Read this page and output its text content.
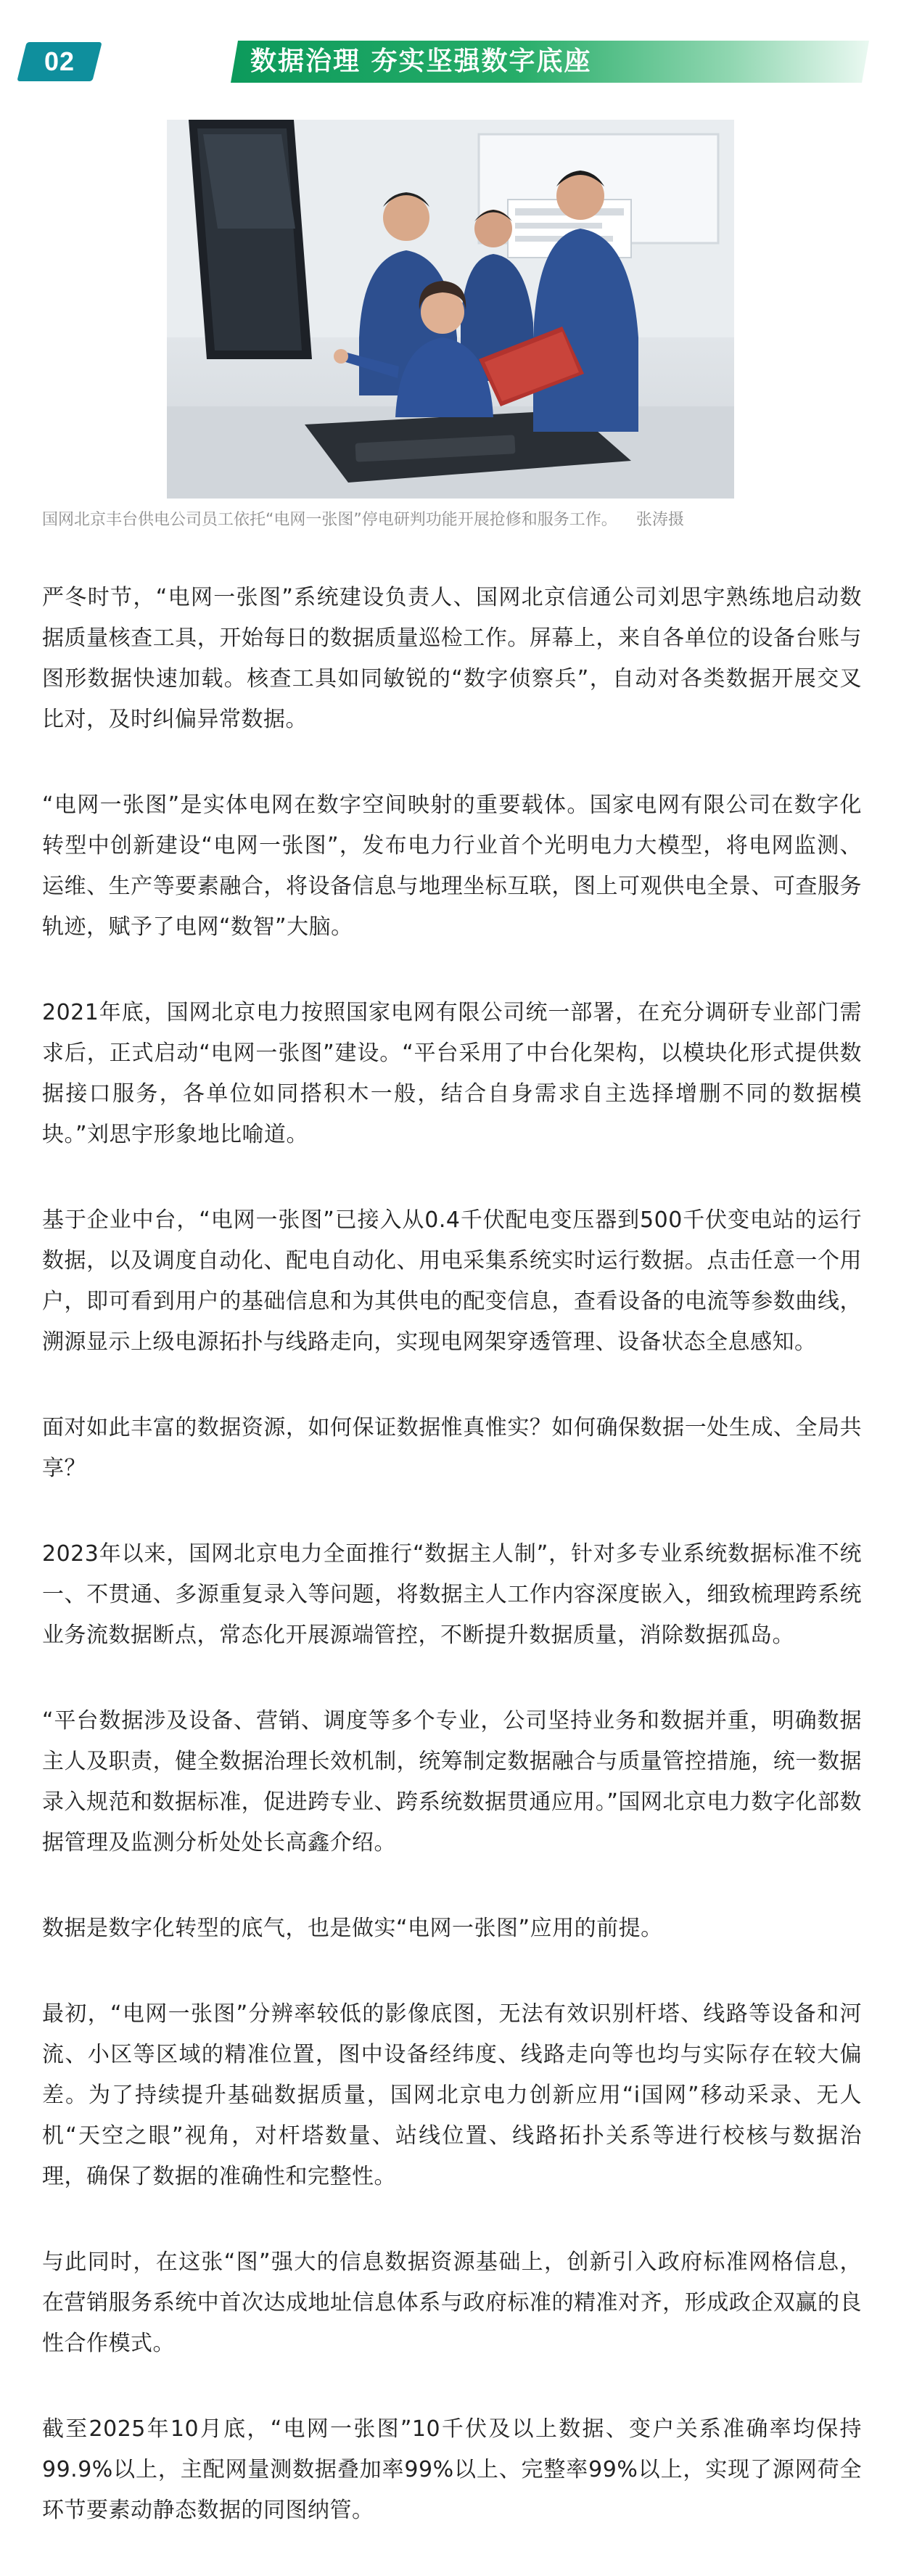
02	数据治理 夯实坚强数字底座
国网北京丰台供电公司员工依托“电网一张图”停电研判功能开展抢修和服务工作。 张涛摄

严冬时节，“电网一张图”系统建设负责人、国网北京信通公司刘思宇熟练地启动数据质量核查工具，开始每日的数据质量巡检工作。屏幕上，来自各单位的设备台账与图形数据快速加载。核查工具如同敏锐的“数字侦察兵”，自动对各类数据开展交叉比对，及时纠偏异常数据。

“电网一张图”是实体电网在数字空间映射的重要载体。国家电网有限公司在数字化转型中创新建设“电网一张图”，发布电力行业首个光明电力大模型，将电网监测、运维、生产等要素融合，将设备信息与地理坐标互联，图上可观供电全景、可查服务轨迹，赋予了电网“数智”大脑。

2021年底，国网北京电力按照国家电网有限公司统一部署，在充分调研专业部门需求后，正式启动“电网一张图”建设。“平台采用了中台化架构，以模块化形式提供数据接口服务，各单位如同搭积木一般，结合自身需求自主选择增删不同的数据模块。”刘思宇形象地比喻道。

基于企业中台，“电网一张图”已接入从0.4千伏配电变压器到500千伏变电站的运行数据，以及调度自动化、配电自动化、用电采集系统实时运行数据。点击任意一个用户，即可看到用户的基础信息和为其供电的配变信息，查看设备的电流等参数曲线，溯源显示上级电源拓扑与线路走向，实现电网架穿透管理、设备状态全息感知。

面对如此丰富的数据资源，如何保证数据惟真惟实？如何确保数据一处生成、全局共享？

2023年以来，国网北京电力全面推行“数据主人制”，针对多专业系统数据标准不统一、不贯通、多源重复录入等问题，将数据主人工作内容深度嵌入，细致梳理跨系统业务流数据断点，常态化开展源端管控，不断提升数据质量，消除数据孤岛。

“平台数据涉及设备、营销、调度等多个专业，公司坚持业务和数据并重，明确数据主人及职责，健全数据治理长效机制，统筹制定数据融合与质量管控措施，统一数据录入规范和数据标准，促进跨专业、跨系统数据贯通应用。”国网北京电力数字化部数据管理及监测分析处处长高鑫介绍。

数据是数字化转型的底气，也是做实“电网一张图”应用的前提。

最初，“电网一张图”分辨率较低的影像底图，无法有效识别杆塔、线路等设备和河流、小区等区域的精准位置，图中设备经纬度、线路走向等也均与实际存在较大偏差。为了持续提升基础数据质量，国网北京电力创新应用“i国网”移动采录、无人机“天空之眼”视角，对杆塔数量、站线位置、线路拓扑关系等进行校核与数据治理，确保了数据的准确性和完整性。

与此同时，在这张“图”强大的信息数据资源基础上，创新引入政府标准网格信息，在营销服务系统中首次达成地址信息体系与政府标准的精准对齐，形成政企双赢的良性合作模式。

截至2025年10月底，“电网一张图”10千伏及以上数据、变户关系准确率均保持99.9%以上，主配网量测数据叠加率99%以上、完整率99%以上，实现了源网荷全环节要素动静态数据的同图纳管。
